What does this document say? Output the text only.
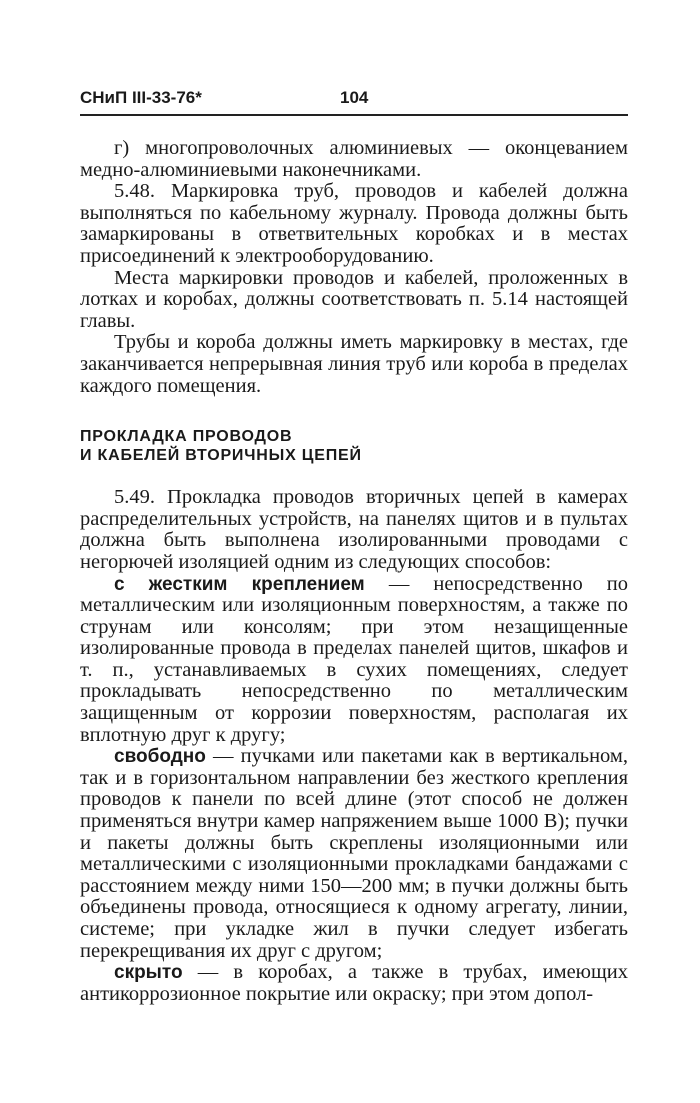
СНиП III-33-76*	104

г) многопроволочных алюминиевых — оконцеванием медно-алюминиевыми наконечниками.

5.48. Маркировка труб, проводов и кабелей должна выполняться по кабельному журналу. Провода должны быть замаркированы в ответвительных коробках и в местах присоединений к электрооборудованию.

Места маркировки проводов и кабелей, проложенных в лотках и коробах, должны соответствовать п. 5.14 настоящей главы.

Трубы и короба должны иметь маркировку в местах, где заканчивается непрерывная линия труб или короба в пределах каждого помещения.

ПРОКЛАДКА ПРОВОДОВ
И КАБЕЛЕЙ ВТОРИЧНЫХ ЦЕПЕЙ

5.49. Прокладка проводов вторичных цепей в камерах распределительных устройств, на панелях щитов и в пультах должна быть выполнена изолированными проводами с негорючей изоляцией одним из следующих способов:

с жестким креплением — непосредственно по металлическим или изоляционным поверхностям, а также по струнам или консолям; при этом незащищенные изолированные провода в пределах панелей щитов, шкафов и т. п., устанавливаемых в сухих помещениях, следует прокладывать непосредственно по металлическим защищенным от коррозии поверхностям, располагая их вплотную друг к другу;

свободно — пучками или пакетами как в вертикальном, так и в горизонтальном направлении без жесткого крепления проводов к панели по всей длине (этот способ не должен применяться внутри камер напряжением выше 1000 В); пучки и пакеты должны быть скреплены изоляционными или металлическими с изоляционными прокладками бандажами с расстоянием между ними 150—200 мм; в пучки должны быть объединены провода, относящиеся к одному агрегату, линии, системе; при укладке жил в пучки следует избегать перекрещивания их друг с другом;

скрыто — в коробах, а также в трубах, имеющих антикоррозионное покрытие или окраску; при этом допол-
